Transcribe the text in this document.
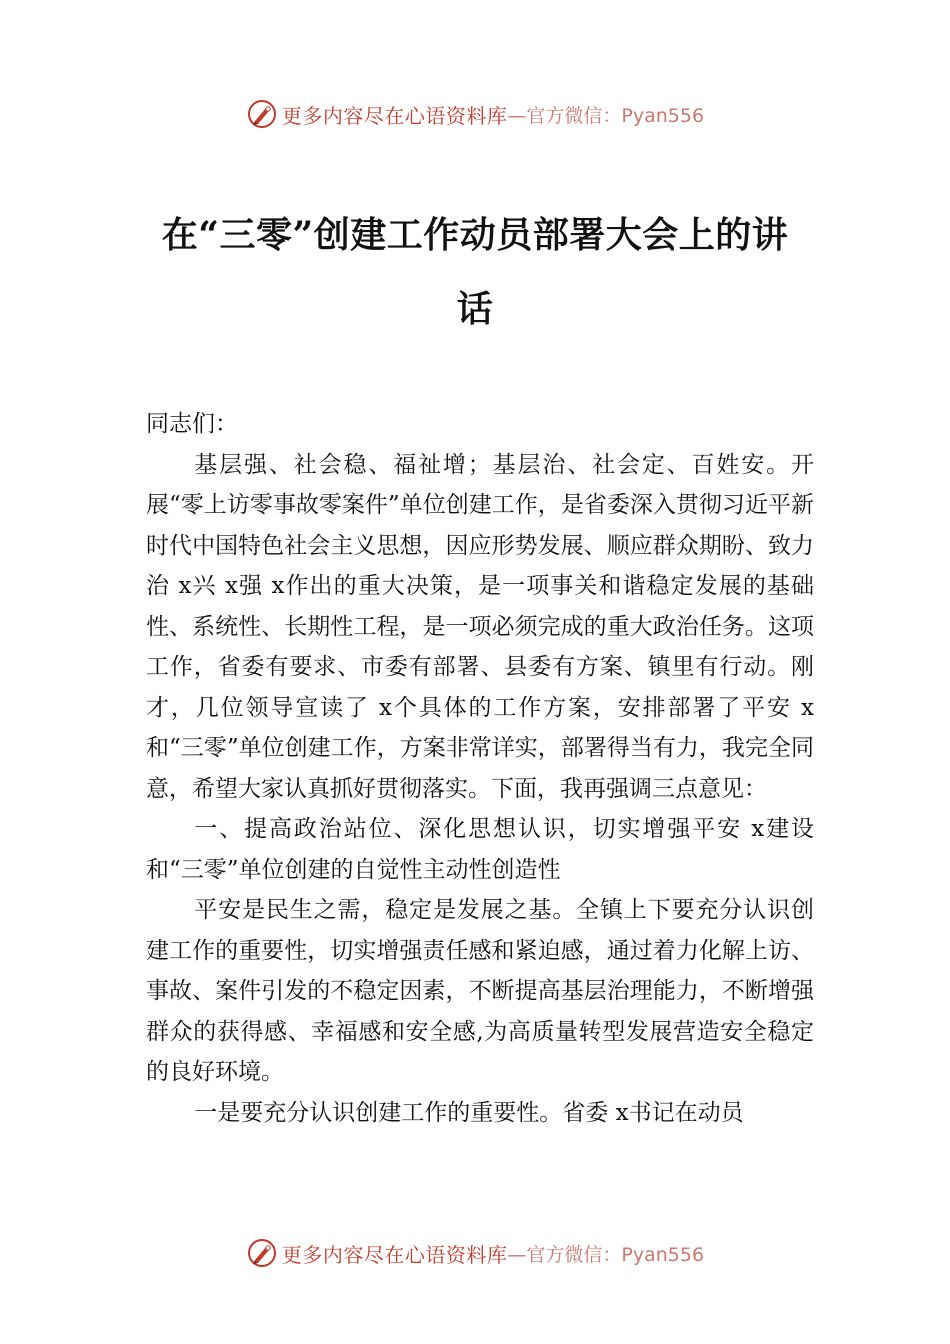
更多内容尽在心语资料库 —官方微信：Pyan556
在“三零”创建工作动员部署大会上的讲
话

同志们：

基层强、社会稳、福祉增；基层治、社会定、百姓安。开展“零上访零事故零案件”单位创建工作，是省委深入贯彻习近平新时代中国特色社会主义思想，因应形势发展、顺应群众期盼、致力治 x兴 x强 x作出的重大决策，是一项事关和谐稳定发展的基础性、系统性、长期性工程，是一项必须完成的重大政治任务。这项工作，省委有要求、市委有部署、县委有方案、镇里有行动。刚才，几位领导宣读了 x个具体的工作方案，安排部署了平安 x和“三零”单位创建工作，方案非常详实，部署得当有力，我完全同意，希望大家认真抓好贯彻落实。下面，我再强调三点意见：

一、提高政治站位、深化思想认识，切实增强平安 x建设和“三零”单位创建的自觉性主动性创造性

平安是民生之需，稳定是发展之基。全镇上下要充分认识创建工作的重要性，切实增强责任感和紧迫感，通过着力化解上访、事故、案件引发的不稳定因素，不断提高基层治理能力，不断增强群众的获得感、幸福感和安全感,为高质量转型发展营造安全稳定的良好环境。

一是要充分认识创建工作的重要性。省委 x书记在动员

更多内容尽在心语资料库 —官方微信：Pyan556
